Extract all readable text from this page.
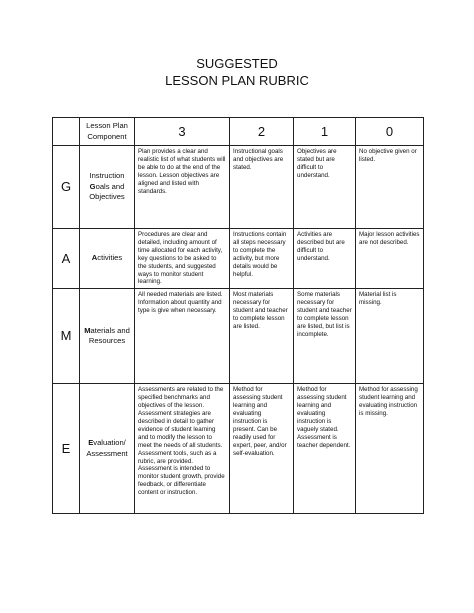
SUGGESTED
LESSON PLAN RUBRIC
	Lesson Plan Component	3	2	1	0
G	Instruction Goals and Objectives	Plan provides a clear and realistic list of what students will be able to do at the end of the lesson. Lesson objectives are aligned and listed with standards.	Instructional goals and objectives are stated.	Objectives are stated but are difficult to understand.	No objective given or listed.
A	Activities	Procedures are clear and detailed, including amount of time allocated for each activity, key questions to be asked to the students, and suggested ways to monitor student learning.	Instructions contain all steps necessary to complete the activity, but more details would be helpful.	Activities are described but are difficult to understand.	Major lesson activities are not described.
M	Materials and Resources	All needed materials are listed. Information about quantity and type is give when necessary.	Most materials necessary for student and teacher to complete lesson are listed.	Some materials necessary for student and teacher to complete lesson are listed, but list is incomplete.	Material list is missing.
E	Evaluation/ Assessment	Assessments are related to the specified benchmarks and objectives of the lesson. Assessment strategies are described in detail to gather evidence of student learning and to modify the lesson to meet the needs of all students. Assessment tools, such as a rubric, are provided. Assessment is intended to monitor student growth, provide feedback, or differentiate content or instruction.	Method for assessing student learning and evaluating instruction is present. Can be readily used for expert, peer, and/or self-evaluation.	Method for assessing student learning and evaluating instruction is vaguely stated. Assessment is teacher dependent.	Method for assessing student learning and evaluating instruction is missing.
